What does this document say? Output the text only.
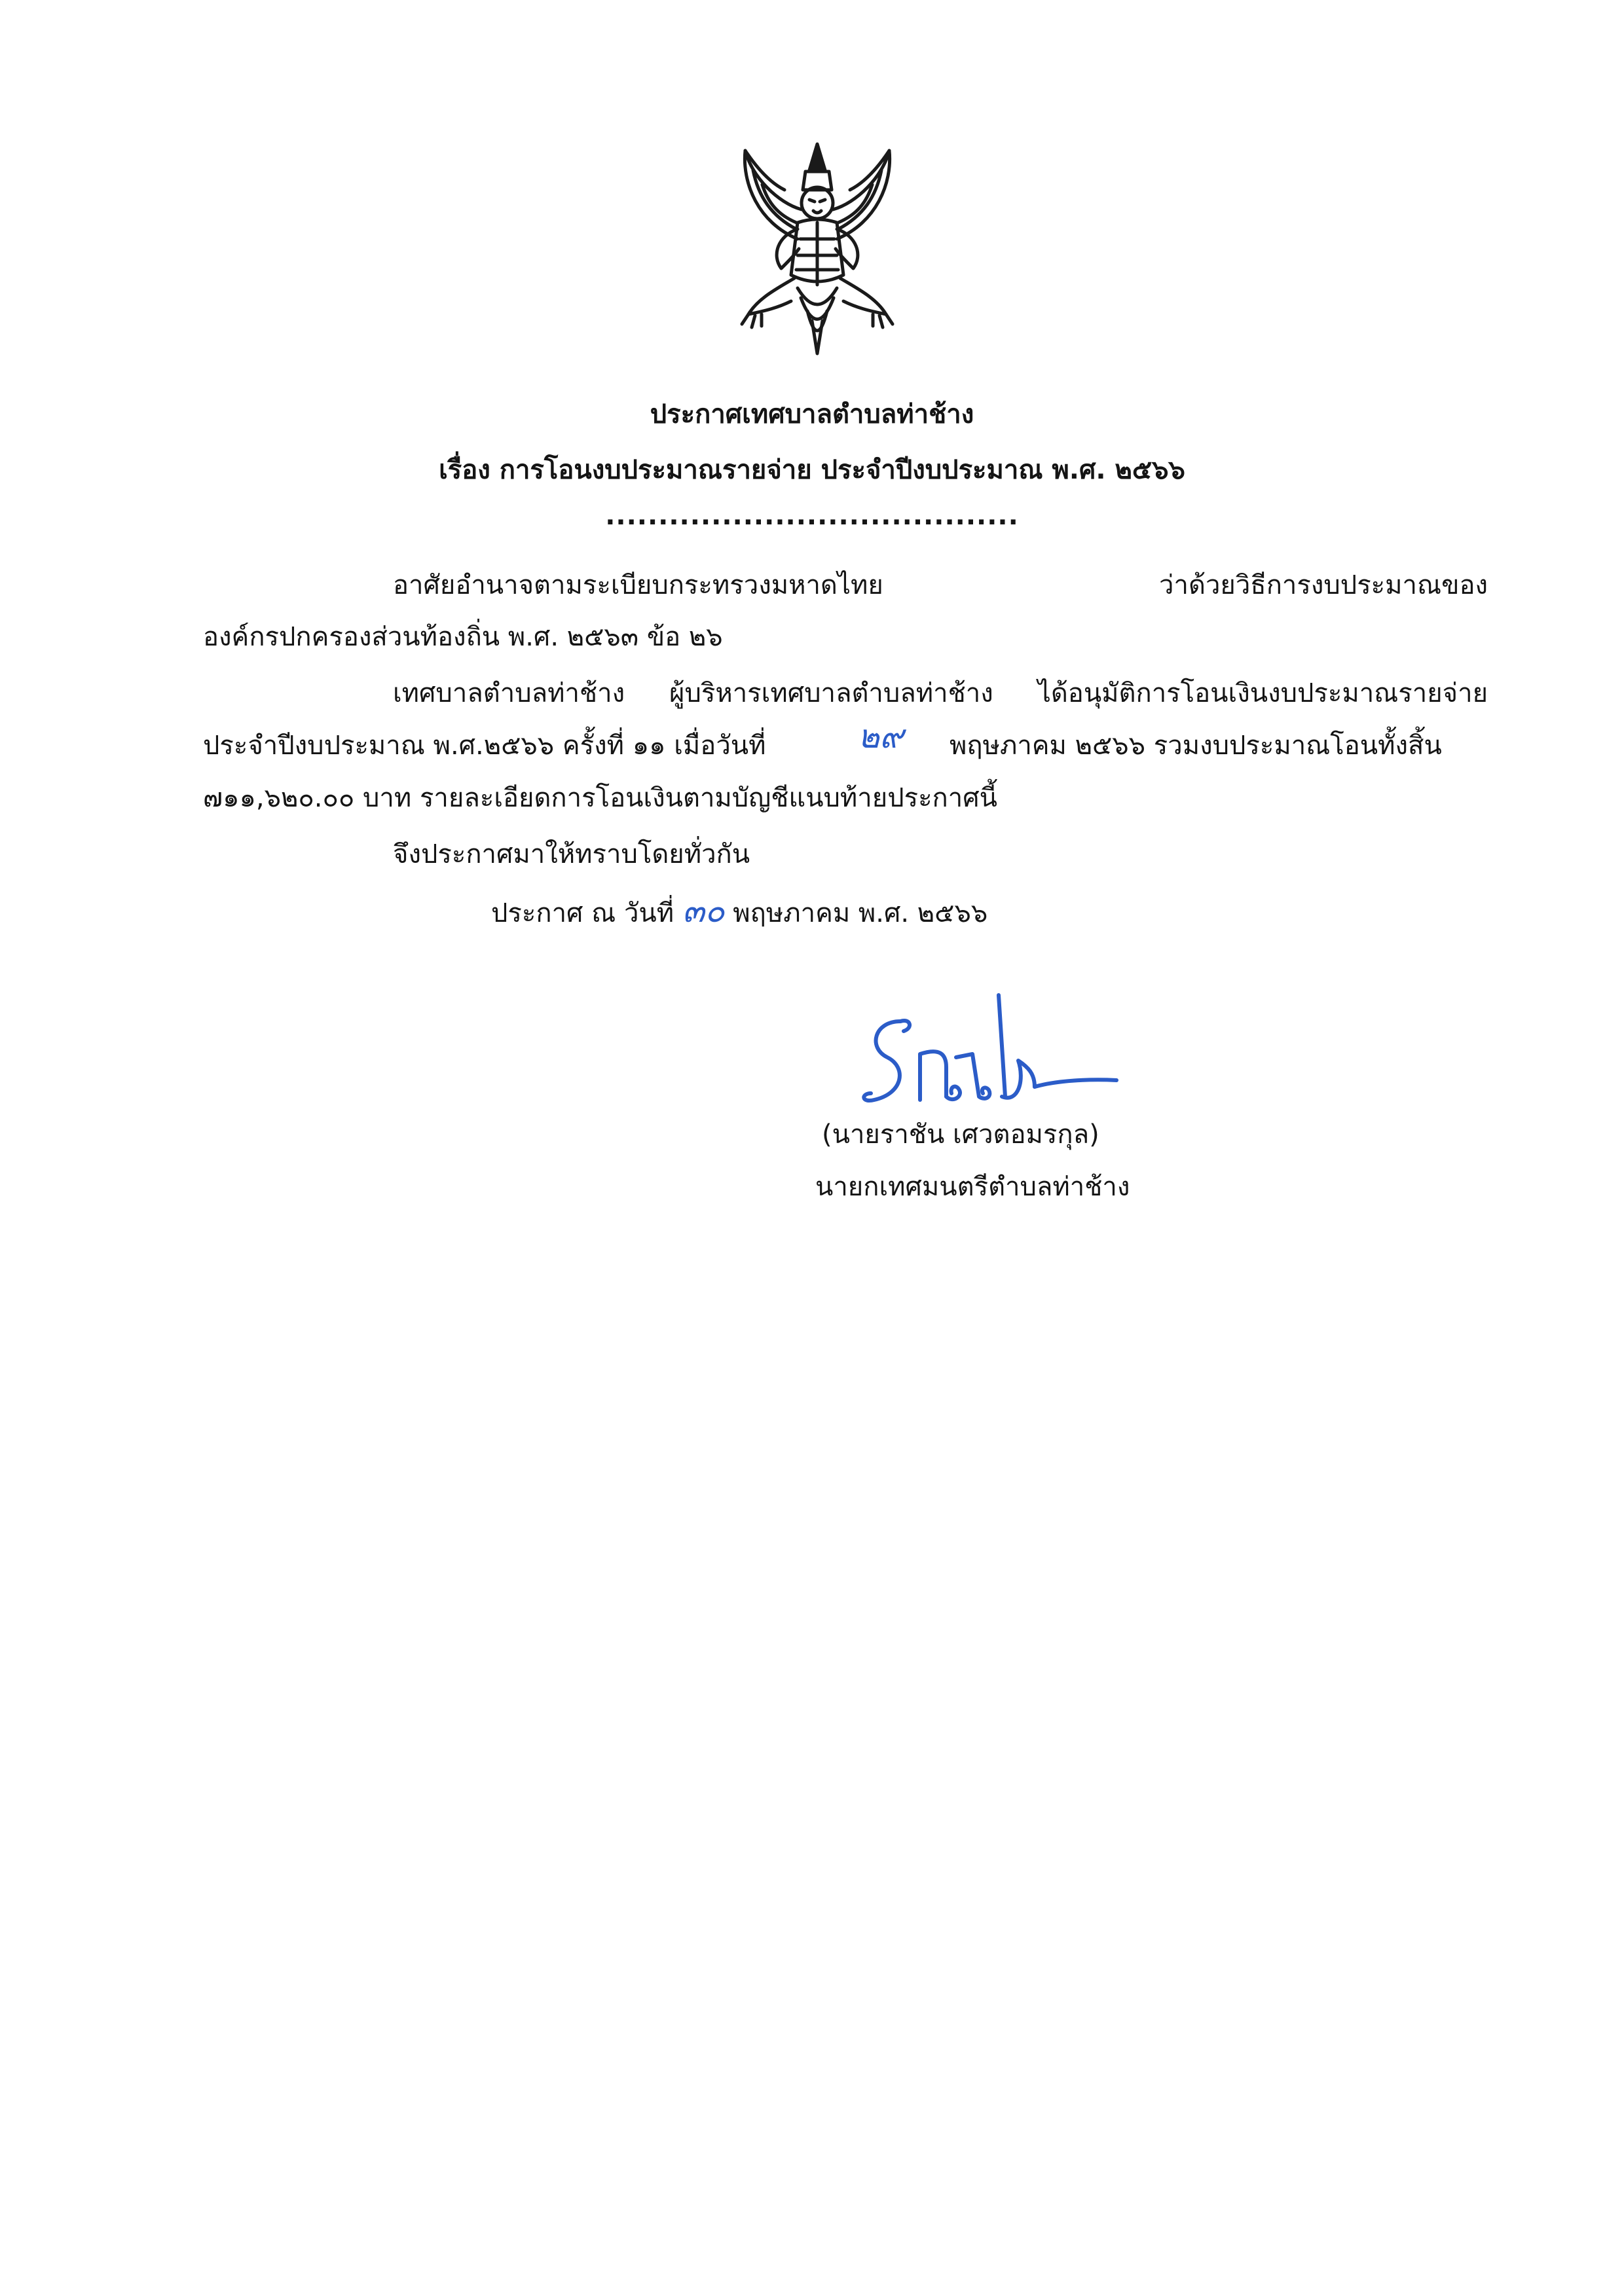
ประกาศเทศบาลตำบลท่าช้าง
เรื่อง การโอนงบประมาณรายจ่าย ประจำปีงบประมาณ พ.ศ. ๒๕๖๖
.......................................
อาศัยอำนาจตามระเบียบกระทรวงมหาดไทย ว่าด้วยวิธีการงบประมาณของ
องค์กรปกครองส่วนท้องถิ่น พ.ศ. ๒๕๖๓ ข้อ ๒๖
เทศบาลตำบลท่าช้าง ผู้บริหารเทศบาลตำบลท่าช้าง ได้อนุมัติการโอนเงินงบประมาณรายจ่าย
ประจำปีงบประมาณ พ.ศ.๒๕๖๖ ครั้งที่ ๑๑ เมื่อวันที่	๒๙ พฤษภาคม ๒๕๖๖ รวมงบประมาณโอนทั้งสิ้น
๗๑๑,๖๒๐.๐๐ บาท รายละเอียดการโอนเงินตามบัญชีแนบท้ายประกาศนี้
จึงประกาศมาให้ทราบโดยทั่วกัน
ประกาศ ณ วันที่ ๓๐ พฤษภาคม พ.ศ. ๒๕๖๖
(นายราชัน เศวตอมรกุล)
นายกเทศมนตรีตำบลท่าช้าง
